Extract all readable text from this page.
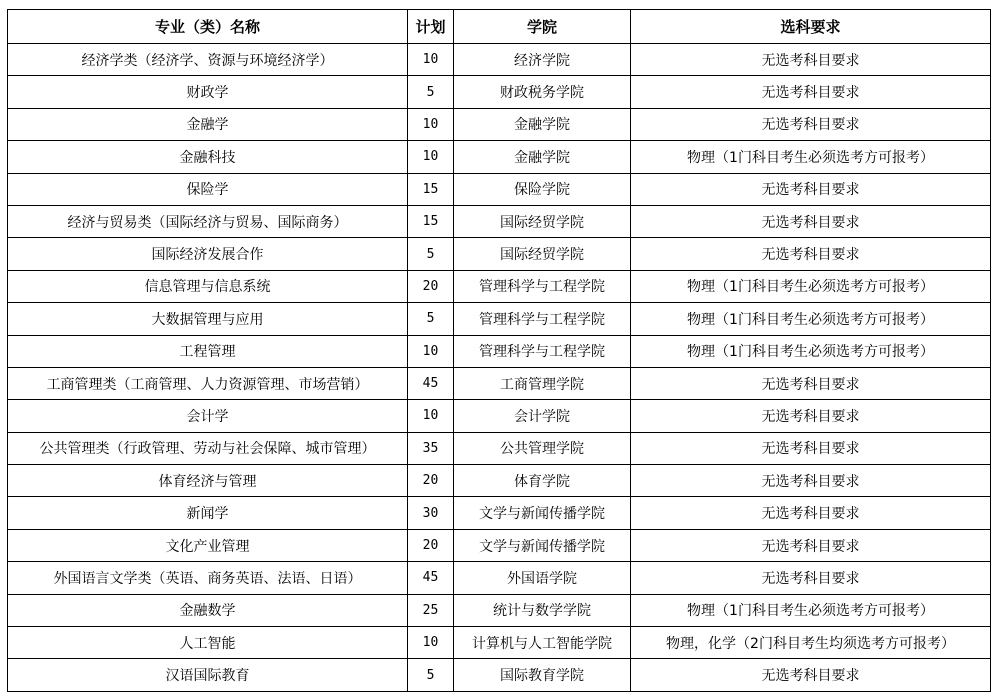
专业（类）名称	计划	学院	选科要求
经济学类（经济学、资源与环境经济学）	10	经济学院	无选考科目要求
财政学	5	财政税务学院	无选考科目要求
金融学	10	金融学院	无选考科目要求
金融科技	10	金融学院	物理（1门科目考生必须选考方可报考）
保险学	15	保险学院	无选考科目要求
经济与贸易类（国际经济与贸易、国际商务）	15	国际经贸学院	无选考科目要求
国际经济发展合作	5	国际经贸学院	无选考科目要求
信息管理与信息系统	20	管理科学与工程学院	物理（1门科目考生必须选考方可报考）
大数据管理与应用	5	管理科学与工程学院	物理（1门科目考生必须选考方可报考）
工程管理	10	管理科学与工程学院	物理（1门科目考生必须选考方可报考）
工商管理类（工商管理、人力资源管理、市场营销）	45	工商管理学院	无选考科目要求
会计学	10	会计学院	无选考科目要求
公共管理类（行政管理、劳动与社会保障、城市管理）	35	公共管理学院	无选考科目要求
体育经济与管理	20	体育学院	无选考科目要求
新闻学	30	文学与新闻传播学院	无选考科目要求
文化产业管理	20	文学与新闻传播学院	无选考科目要求
外国语言文学类（英语、商务英语、法语、日语）	45	外国语学院	无选考科目要求
金融数学	25	统计与数学学院	物理（1门科目考生必须选考方可报考）
人工智能	10	计算机与人工智能学院	物理，化学（2门科目考生均须选考方可报考）
汉语国际教育	5	国际教育学院	无选考科目要求
